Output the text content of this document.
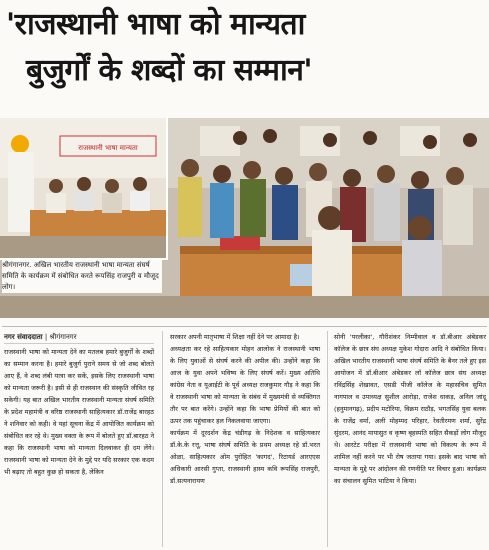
'राजस्थानी भाषा को मान्यता
बुजुर्गों के शब्दों का सम्मान'
राजस्थानी भाषा मान्यता
श्रीगंगानगर. अखिल भारतीय राजस्थानी भाषा मान्यता संघर्ष समिति के कार्यक्रम में संबोधित करते रूपसिंह राजपुरी व मौजूद लोग।
नगर संवाददाता | श्रीगंगानगर
राजस्थानी भाषा को मान्यता देने का मतलब हमारे बुजुर्गों के शब्दों का सम्मान करना है। हमारे बुजुर्ग पुराने समय से जो शब्द बोलते आए हैं, वे शब्द लंबी यात्रा कर सकें, इसके लिए राजस्थानी भाषा को मान्यता जरूरी है। इसी से ही राजस्थान की संस्कृति जीवित रह सकेगी। यह बात अखिल भारतीय राजस्थानी मान्यता संघर्ष समिति के प्रदेश महामंत्री व वरिष्ठ राजस्थानी साहित्यकार डॉ.राजेंद्र बारहठ ने शनिवार को कही। वे यहां सूचना केंद्र में आयोजित कार्यक्रम को संबोधित कर रहे थे। मुख्य वक्ता के रूप में बोलते हुए डॉ.बारहठ ने कहा कि राजस्थानी भाषा को मान्यता दिलवाकर ही दम लेंगे। राजस्थानी भाषा को मान्यता देने के मुद्दे पर यदि सरकार एक कदम भी बढ़ाए तो बहुत कुछ हो सकता है, लेकिन
सरकार अपनी मातृभाषा में शिक्षा नहीं देने पर आमादा है।
अध्यक्षता कर रहे साहित्यकार मोहन आलोक ने राजस्थानी भाषा के लिए युवाओं से संघर्ष करने की अपील की। उन्होंने कहा कि आज के युवा अपने भविष्य के लिए संघर्ष करें। मुख्य अतिथि कांग्रेस नेता व यूआईटी के पूर्व अध्यक्ष राजकुमार गौड़ ने कहा कि वे राजस्थानी भाषा को मान्यता के संबंध में मुख्यमंत्री से व्यक्तिगत तौर पर बात करेंगे। उन्होंने कहा कि भाषा प्रेमियों की बात को ऊपर तक पहुंचाकर हल निकलवाया जाएगा।
कार्यक्रम में दूरदर्शन केंद्र चंडीगढ़ के निदेशक व साहित्यकार डॉ.के.के रत्तू, भाषा संघर्ष समिति के प्रथम अध्यक्ष रहे डॉ.भरत ओळा, साहित्यकार ओम पुरोहित 'कागद', रिटायर्ड आरएएस अधिकारी आरसी गुप्ता, राजस्थानी हास्य कवि रूपसिंह राजपुरी, डॉ.सत्यनारायण
सोनी 'परलीका', गौरीशंकर निम्मीवाल व डॉ.बीआर अंबेडकर कॉलेज के छात्र संघ अध्यक्ष मुकेश गोदारा आदि ने संबोधित किया। अखिल भारतीय राजस्थानी भाषा संघर्ष समिति के बैनर तले हुए इस आयोजन में डॉ.बीआर अंबेडकर लॉ कॉलेज छात्र संघ अध्यक्ष रविंद्रसिंह शेखावत, एसडी पीजी कॉलेज के महासचिव सुमित नागपाल व उपाध्यक्ष सुशील आरोड़ा, राजेश धाकड़, अनिल जांदू (हनुमानगढ़), प्रदीप मटोरिया, विक्रम राठौड़, भगतसिंह युवा बलक के राजेंद्र वर्मा, अली मोहम्मद परिहार, रेवतीरमण शर्मा, सुरेंद्र सुंदरम, आनंद मायासुत व कृष्ण बृहस्पति सहित सैकड़ों लोग मौजूद थे। आरटेट परीक्षा में राजस्थानी भाषा को विकल्प के रूप में शामिल नहीं करने पर भी रोष जताया गया। इसके बाद भाषा को मान्यता के मुद्दे पर आंदोलन की रणनीति पर विचार हुआ। कार्यक्रम का संचालन सुमित भाटिया ने किया।
